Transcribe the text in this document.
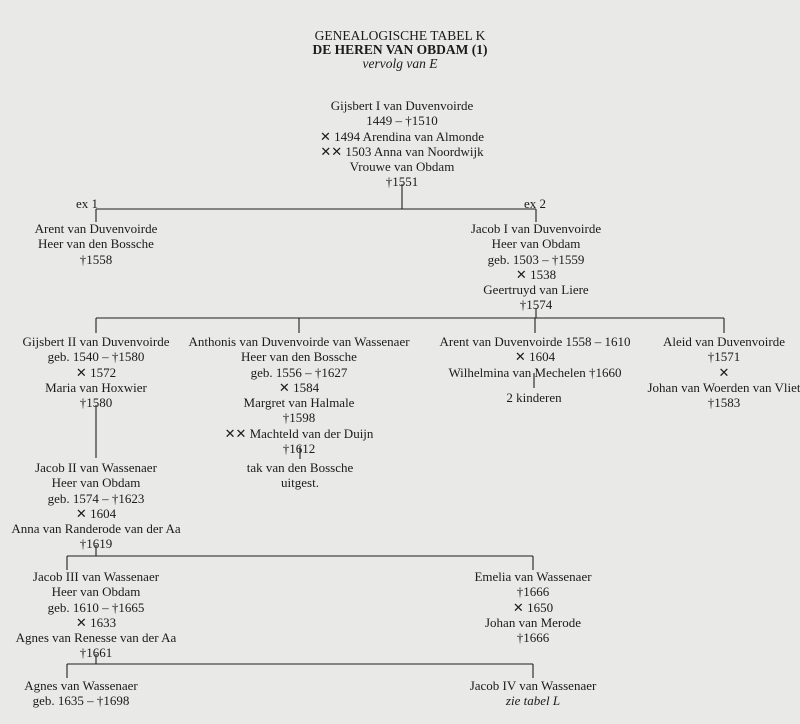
GENEALOGISCHE TABEL K
DE HEREN VAN OBDAM (1)
vervolg van E
ex 1	ex 2
Gijsbert I van Duvenvoirde
1449 – †1510
✕ 1494 Arendina van Almonde
✕✕ 1503 Anna van Noordwijk
Vrouwe van Obdam
†1551
Arent van Duvenvoirde
Heer van den Bossche
†1558
Jacob I van Duvenvoirde
Heer van Obdam
geb. 1503 – †1559
✕ 1538
Geertruyd van Liere
†1574
Gijsbert II van Duvenvoirde
geb. 1540 – †1580
✕ 1572
Maria van Hoxwier
†1580
Anthonis van Duvenvoirde van Wassenaer
Heer van den Bossche
geb. 1556 – †1627
✕ 1584
Margret van Halmale
†1598
✕✕ Machteld van der Duijn
†1612
tak van den Bossche
uitgest.
Arent van Duvenvoirde 1558 – 1610
✕ 1604
Wilhelmina van Mechelen †1660
2 kinderen
Aleid van Duvenvoirde
†1571
✕
Johan van Woerden van Vliet
†1583
Jacob II van Wassenaer
Heer van Obdam
geb. 1574 – †1623
✕ 1604
Anna van Randerode van der Aa
†1619
Jacob III van Wassenaer
Heer van Obdam
geb. 1610 – †1665
✕ 1633
Agnes van Renesse van der Aa
†1661
Emelia van Wassenaer
†1666
✕ 1650
Johan van Merode
†1666
Agnes van Wassenaer
geb. 1635 – †1698
Jacob IV van Wassenaer
zie tabel L
